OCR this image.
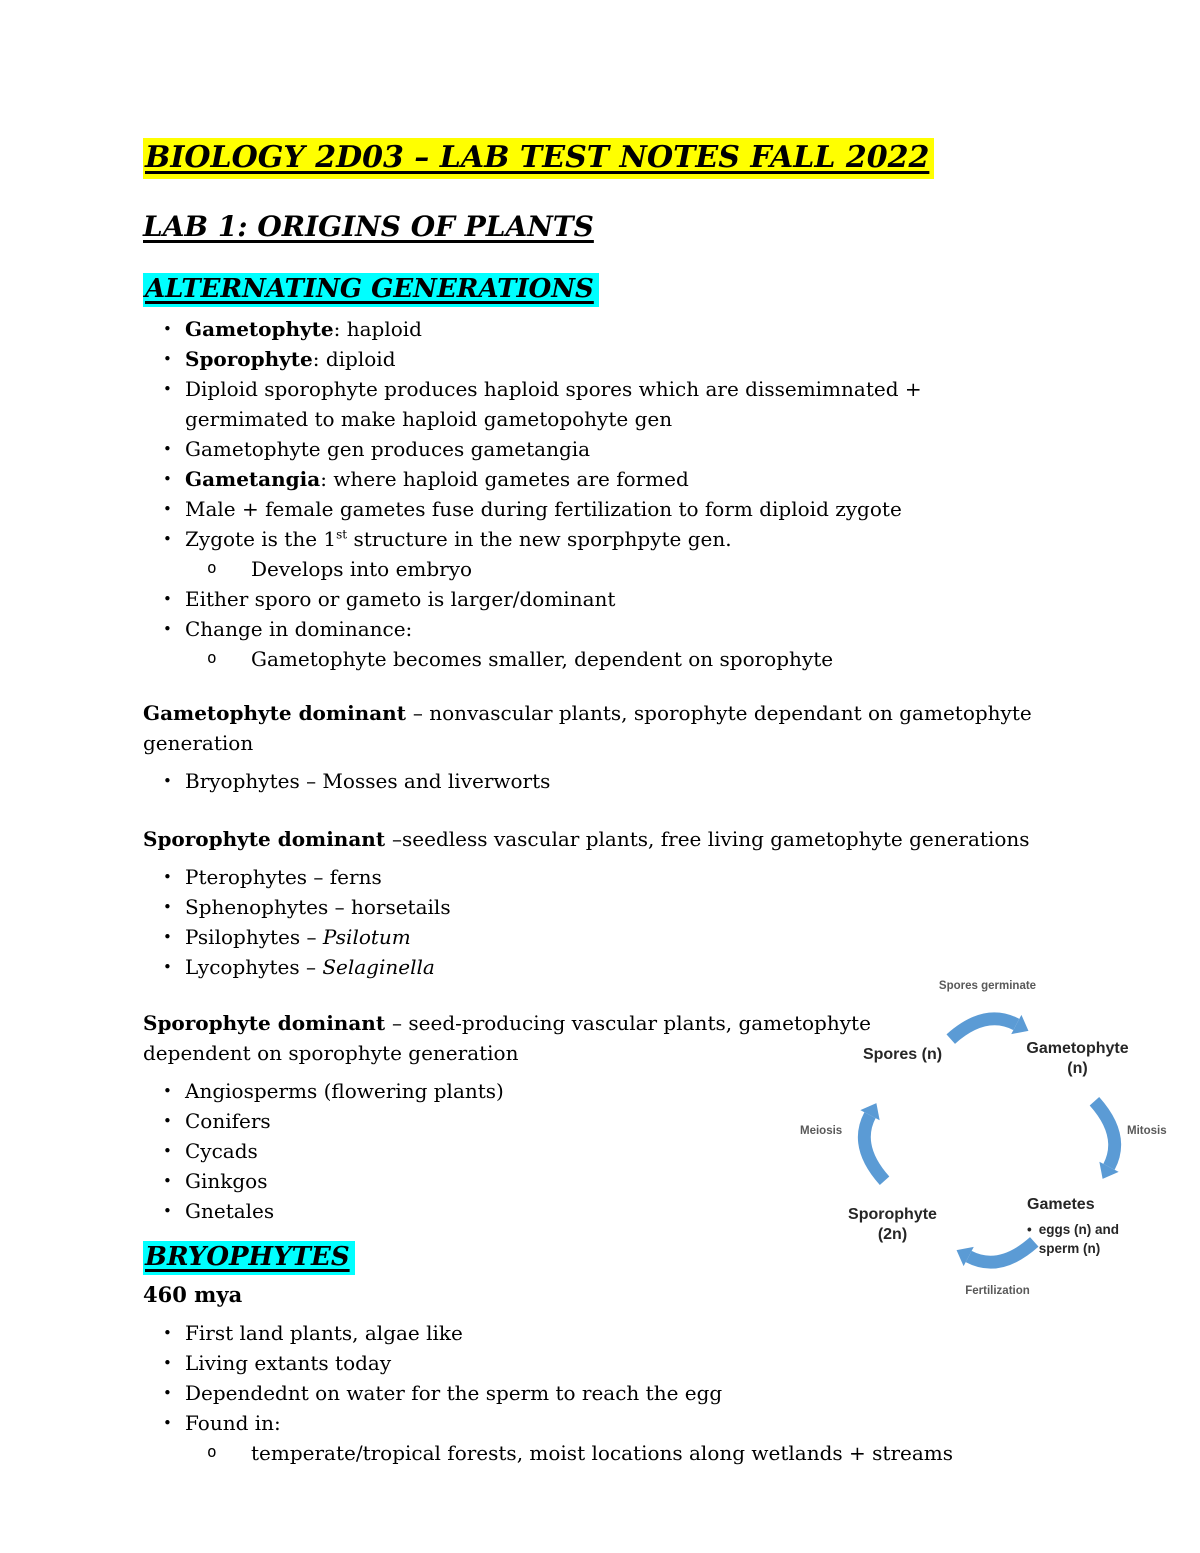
BIOLOGY 2D03 – LAB TEST NOTES FALL 2022
LAB 1: ORIGINS OF PLANTS
ALTERNATING GENERATIONS
• Gametophyte: haploid
• Sporophyte: diploid
• Diploid sporophyte produces haploid spores which are dissemimnated + germimated to make haploid gametopohyte gen
• Gametophyte gen produces gametangia
• Gametangia: where haploid gametes are formed
• Male + female gametes fuse during fertilization to form diploid zygote
• Zygote is the 1st structure in the new sporphpyte gen.
o Develops into embryo
• Either sporo or gameto is larger/dominant
• Change in dominance:
o Gametophyte becomes smaller, dependent on sporophyte

Gametophyte dominant – nonvascular plants, sporophyte dependant on gametophyte generation

• Bryophytes – Mosses and liverworts

Sporophyte dominant –seedless vascular plants, free living gametophyte generations

• Pterophytes – ferns
• Sphenophytes – horsetails
• Psilophytes – Psilotum
• Lycophytes – Selaginella

Sporophyte dominant – seed-producing vascular plants, gametophyte dependent on sporophyte generation

• Angiosperms (flowering plants)
• Conifers
• Cycads
• Ginkgos
• Gnetales
BRYOPHYTES

460 mya

• First land plants, algae like
• Living extants today
• Dependednt on water for the sperm to reach the egg
• Found in:
o temperate/tropical forests, moist locations along wetlands + streams
Spores germinate
Spores (n)	Gametophyte
(n)
Mitosis
Meiosis
Sporophyte
(2n)
Gametes
• eggs (n) and
sperm (n)
Fertilization
